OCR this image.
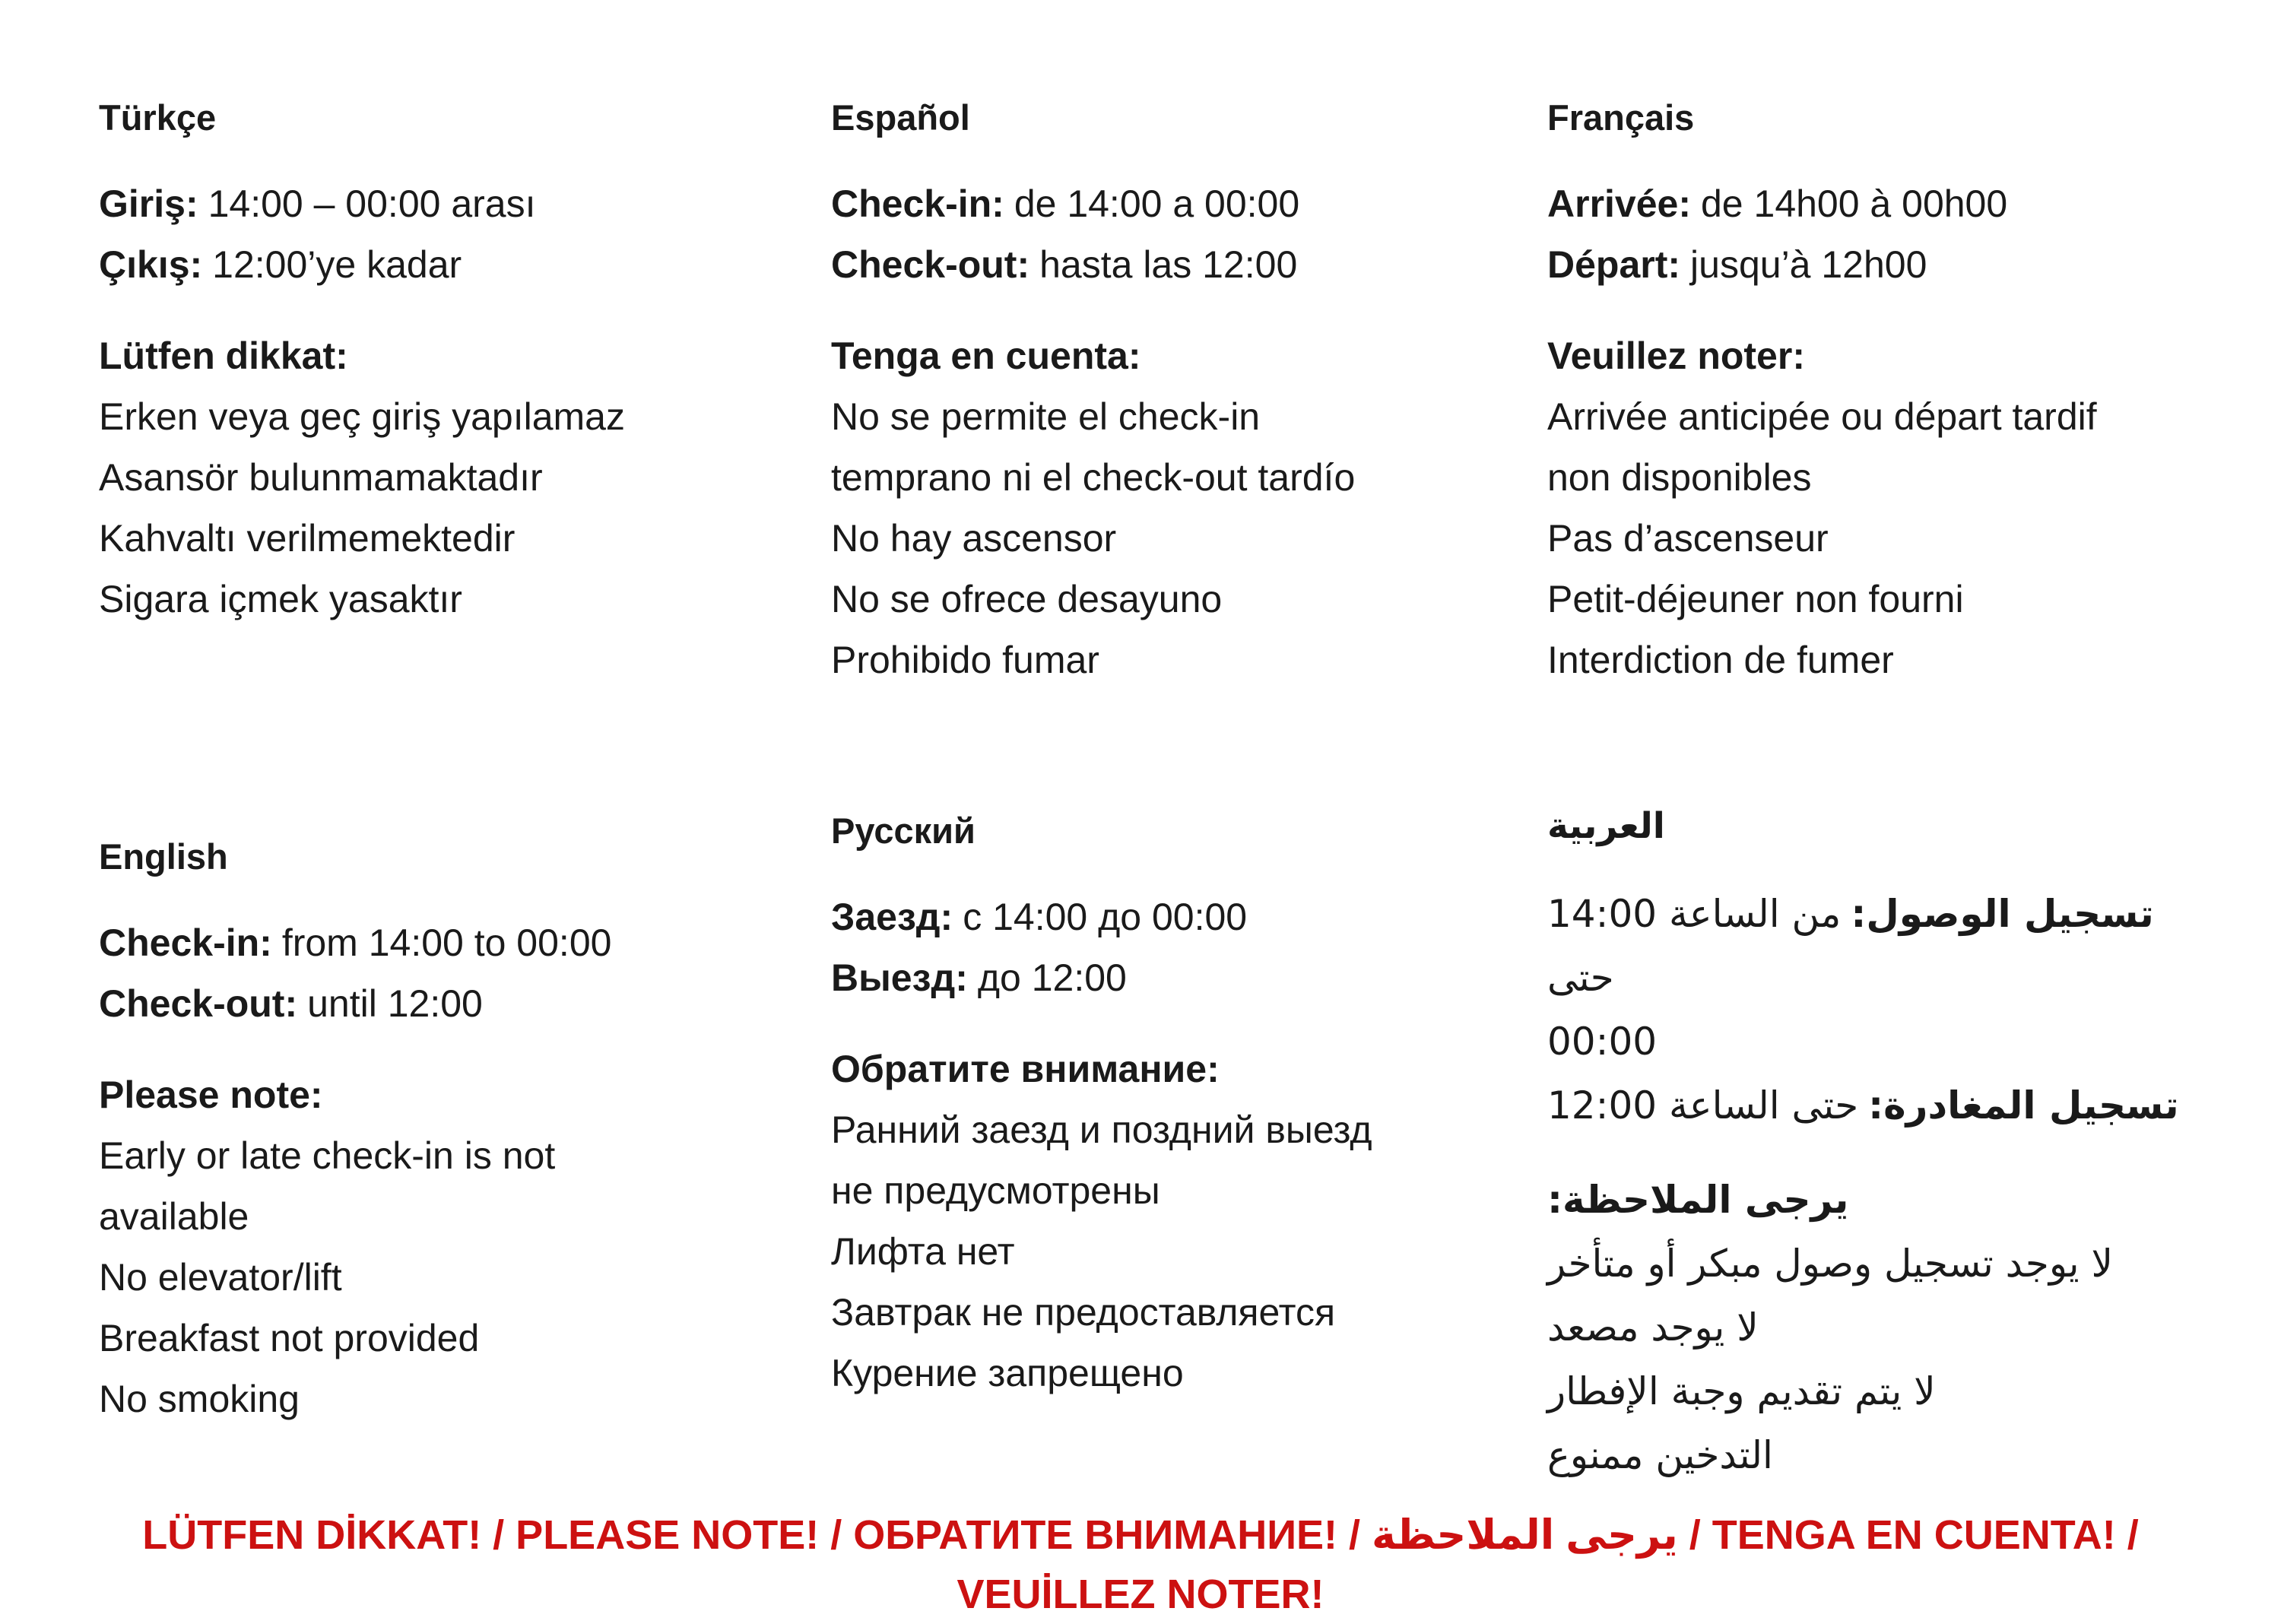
Türkçe

Giriş: 14:00 – 00:00 arası

Çıkış: 12:00’ye kadar

Lütfen dikkat:

Erken veya geç giriş yapılamaz

Asansör bulunmamaktadır

Kahvaltı verilmemektedir

Sigara içmek yasaktır

English

Check-in: from 14:00 to 00:00

Check-out: until 12:00

Please note:

Early or late check-in is not
available

No elevator/lift

Breakfast not provided

No smoking

Español

Check-in: de 14:00 a 00:00

Check-out: hasta las 12:00

Tenga en cuenta:

No se permite el check-in
temprano ni el check-out tardío

No hay ascensor

No se ofrece desayuno

Prohibido fumar

Русский

Заезд: с 14:00 до 00:00

Выезд: до 12:00

Обратите внимание:

Ранний заезд и поздний выезд
не предусмотрены

Лифта нет

Завтрак не предоставляется

Курение запрещено

Français

Arrivée: de 14h00 à 00h00

Départ: jusqu’à 12h00

Veuillez noter:

Arrivée anticipée ou départ tardif
non disponibles

Pas d’ascenseur

Petit-déjeuner non fourni

Interdiction de fumer

العربية

تسجيل الوصول:من الساعة 14:00 حتى
00:00

تسجيل المغادرة:حتى الساعة 12:00

يرجى الملاحظة:

لا يوجد تسجيل وصول مبكر أو متأخر

لا يوجد مصعد

لا يتم تقديم وجبة الإفطار

التدخين ممنوع

LÜTFEN DİKKAT! / PLEASE NOTE! / ОБРАТИТЕ ВНИМАНИЕ! / يرجى الملاحظة / TENGA EN CUENTA! /
VEUİLLEZ NOTER!
